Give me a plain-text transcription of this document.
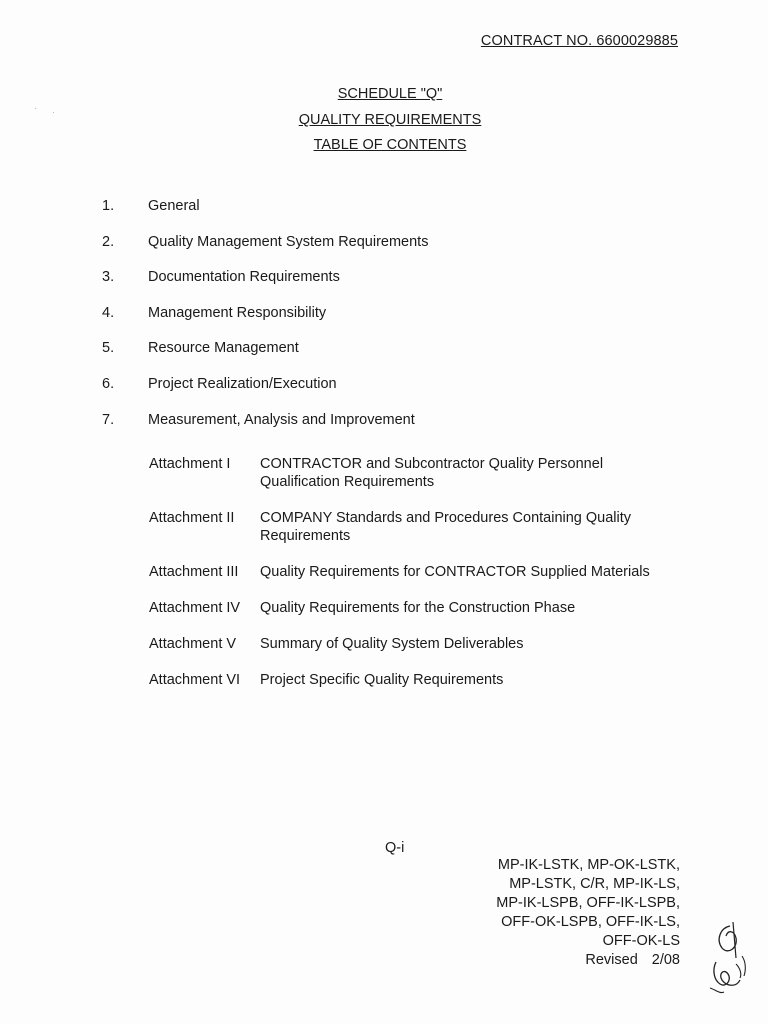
CONTRACT NO. 6600029885
SCHEDULE "Q"
QUALITY REQUIREMENTS
TABLE OF CONTENTS
1. General
2. Quality Management System Requirements
3. Documentation Requirements
4. Management Responsibility
5. Resource Management
6. Project Realization/Execution
7. Measurement, Analysis and Improvement
Attachment I	CONTRACTOR and Subcontractor Quality Personnel Qualification Requirements
Attachment II	COMPANY Standards and Procedures Containing Quality Requirements
Attachment III	Quality Requirements for CONTRACTOR Supplied Materials
Attachment IV	Quality Requirements for the Construction Phase
Attachment V	Summary of Quality System Deliverables
Attachment VI	Project Specific Quality Requirements
Q-i
MP-IK-LSTK, MP-OK-LSTK,
MP-LSTK, C/R, MP-IK-LS,
MP-IK-LSPB, OFF-IK-LSPB,
OFF-OK-LSPB, OFF-IK-LS,
OFF-OK-LS
Revised 2/08
· ·
